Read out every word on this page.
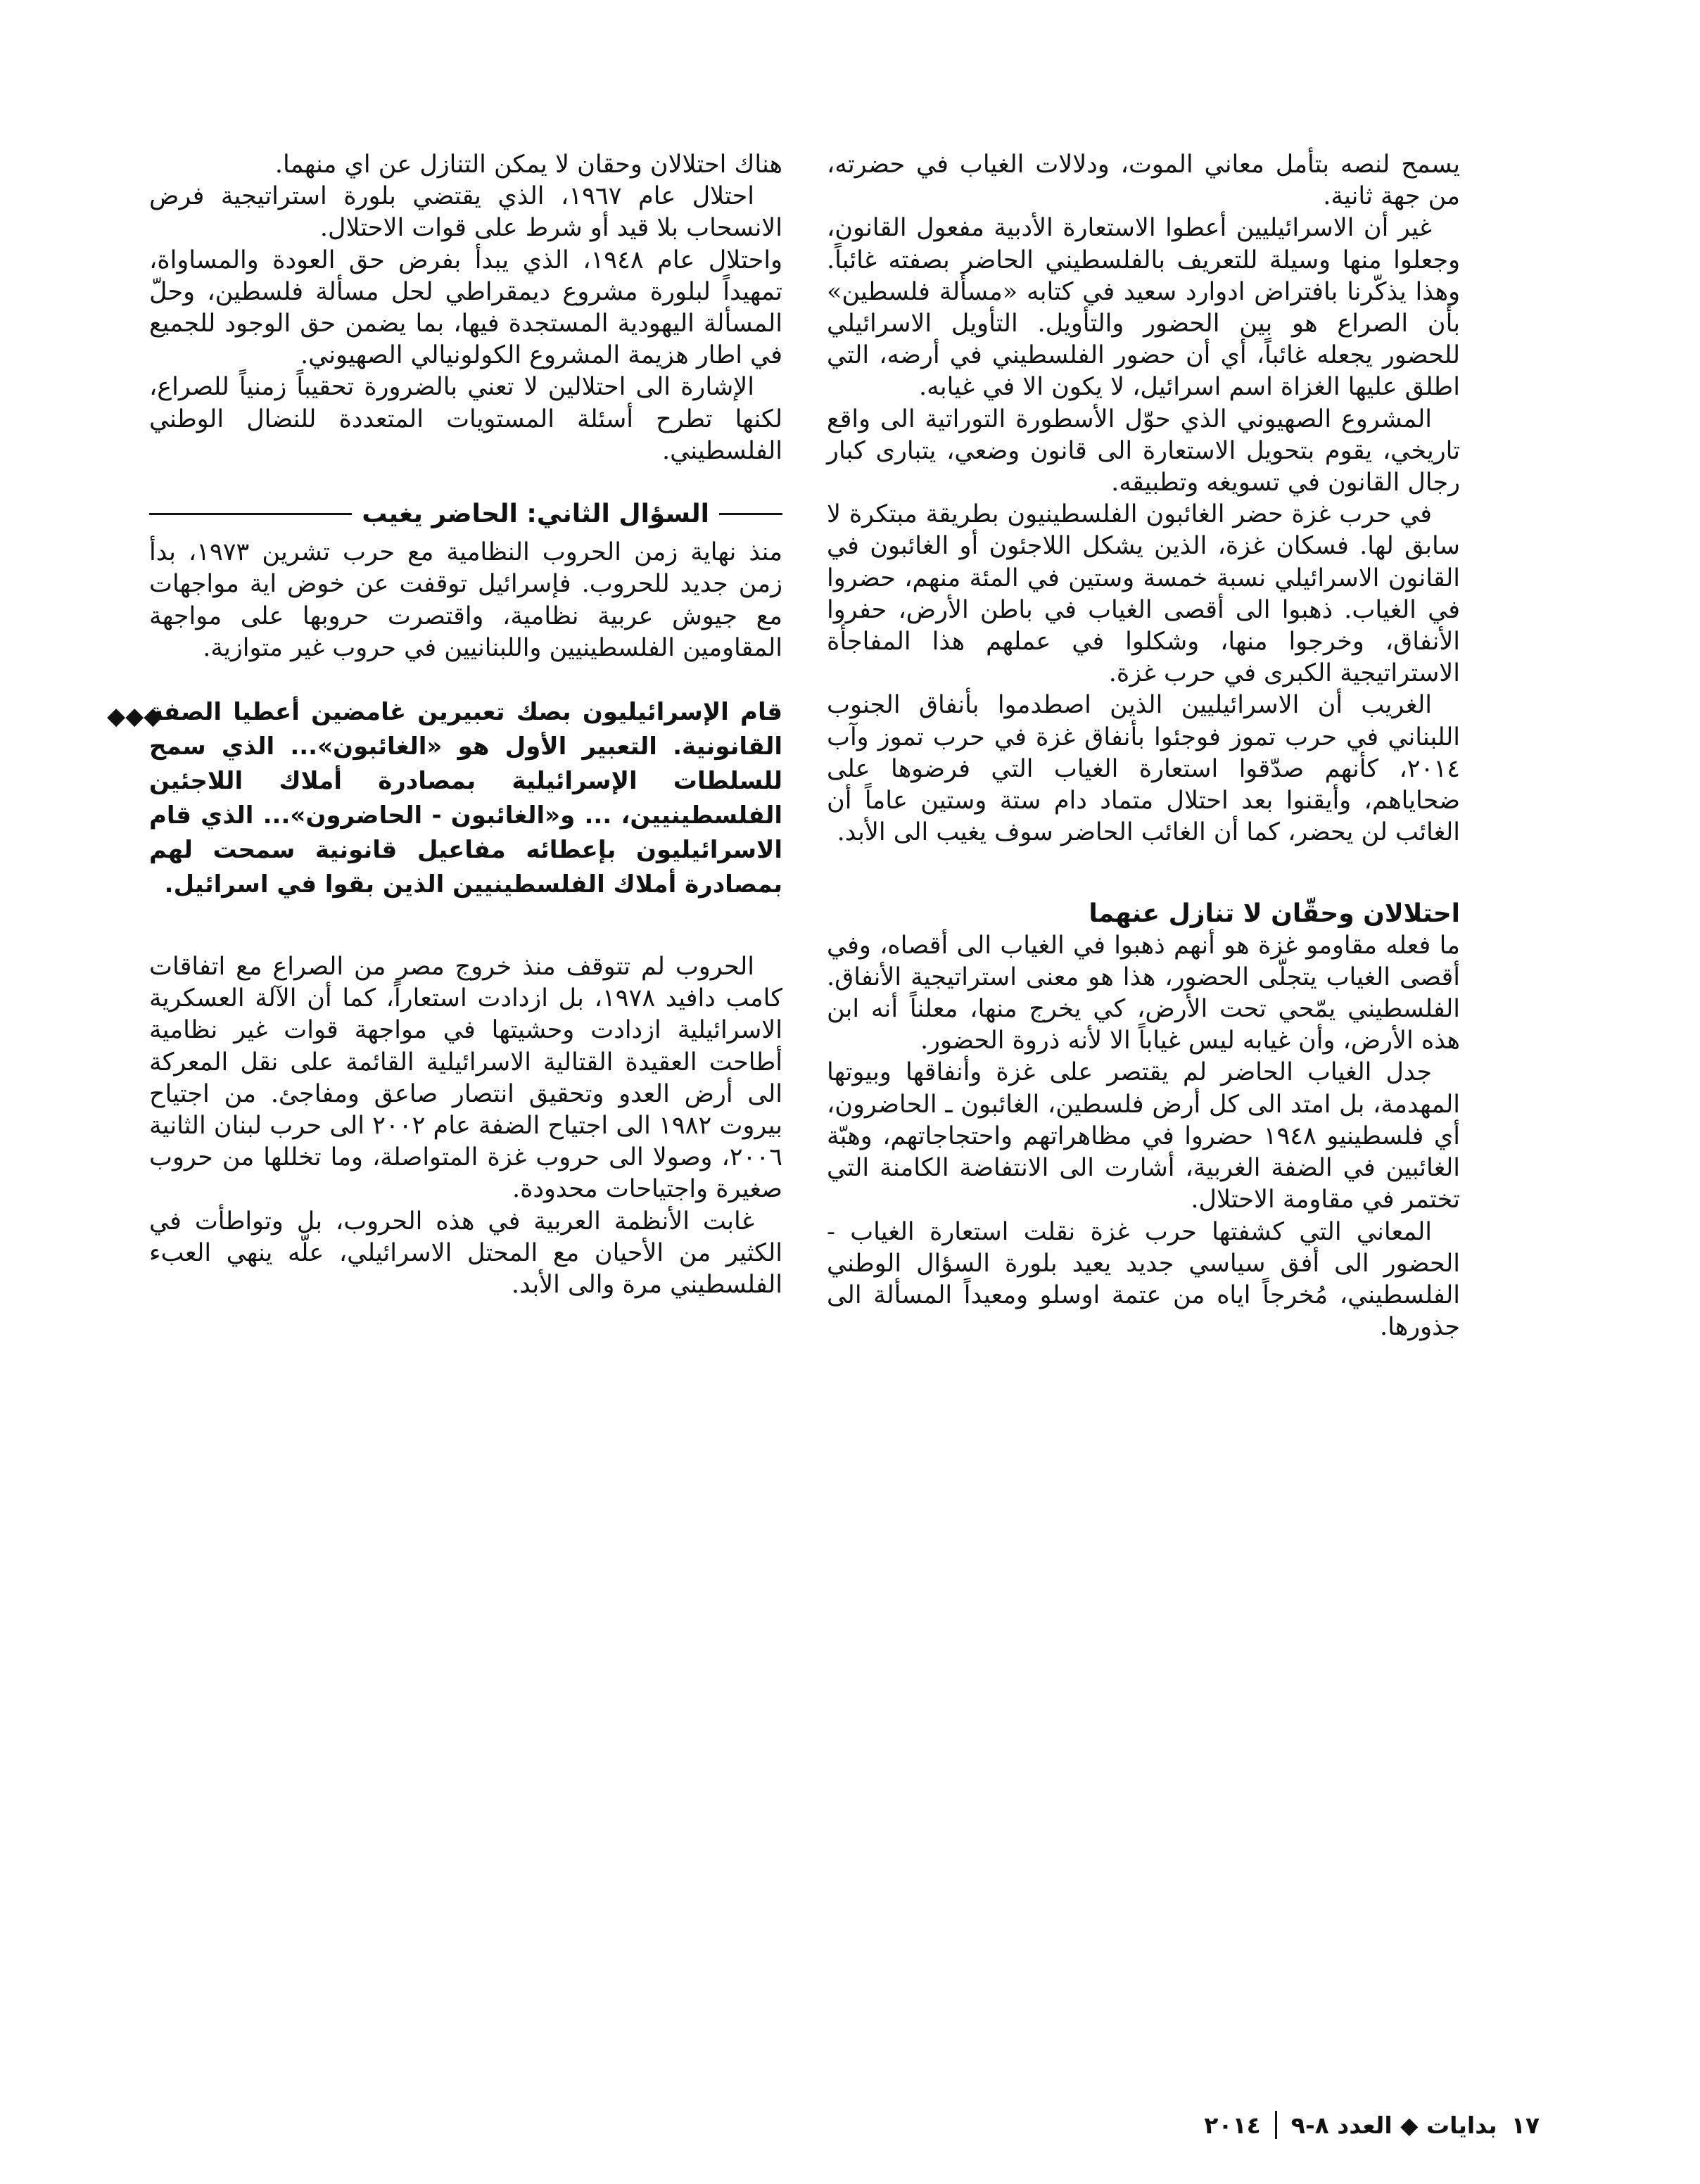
يسمح لنصه بتأمل معاني الموت، ودلالات الغياب في حضرته، من جهة ثانية.

غير أن الاسرائيليين أعطوا الاستعارة الأدبية مفعول القانون، وجعلوا منها وسيلة للتعريف بالفلسطيني الحاضر بصفته غائباً. وهذا يذكّرنا بافتراض ادوارد سعيد في كتابه «مسألة فلسطين» بأن الصراع هو بين الحضور والتأويل. التأويل الاسرائيلي للحضور يجعله غائباً، أي أن حضور الفلسطيني في أرضه، التي اطلق عليها الغزاة اسم اسرائيل، لا يكون الا في غيابه.

المشروع الصهيوني الذي حوّل الأسطورة التوراتية الى واقع تاريخي، يقوم بتحويل الاستعارة الى قانون وضعي، يتبارى كبار رجال القانون في تسويغه وتطبيقه.

في حرب غزة حضر الغائبون الفلسطينيون بطريقة مبتكرة لا سابق لها. فسكان غزة، الذين يشكل اللاجئون أو الغائبون في القانون الاسرائيلي نسبة خمسة وستين في المئة منهم، حضروا في الغياب. ذهبوا الى أقصى الغياب في باطن الأرض، حفروا الأنفاق، وخرجوا منها، وشكلوا في عملهم هذا المفاجأة الاستراتيجية الكبرى في حرب غزة.

الغريب أن الاسرائيليين الذين اصطدموا بأنفاق الجنوب اللبناني في حرب تموز فوجئوا بأنفاق غزة في حرب تموز وآب ٢٠١٤، كأنهم صدّقوا استعارة الغياب التي فرضوها على ضحاياهم، وأيقنوا بعد احتلال متماد دام ستة وستين عاماً أن الغائب لن يحضر، كما أن الغائب الحاضر سوف يغيب الى الأبد.

احتلالان وحقّان لا تنازل عنهما

ما فعله مقاومو غزة هو أنهم ذهبوا في الغياب الى أقصاه، وفي أقصى الغياب يتجلّى الحضور، هذا هو معنى استراتيجية الأنفاق. الفلسطيني يمّحي تحت الأرض، كي يخرج منها، معلناً أنه ابن هذه الأرض، وأن غيابه ليس غياباً الا لأنه ذروة الحضور.

جدل الغياب الحاضر لم يقتصر على غزة وأنفاقها وبيوتها المهدمة، بل امتد الى كل أرض فلسطين، الغائبون ـ الحاضرون، أي فلسطينيو ١٩٤٨ حضروا في مظاهراتهم واحتجاجاتهم، وهبّة الغائبين في الضفة الغربية، أشارت الى الانتفاضة الكامنة التي تختمر في مقاومة الاحتلال.

المعاني التي كشفتها حرب غزة نقلت استعارة الغياب - الحضور الى أفق سياسي جديد يعيد بلورة السؤال الوطني الفلسطيني، مُخرجاً اياه من عتمة اوسلو ومعيداً المسألة الى جذورها.

هناك احتلالان وحقان لا يمكن التنازل عن اي منهما.

احتلال عام ١٩٦٧، الذي يقتضي بلورة استراتيجية فرض الانسحاب بلا قيد أو شرط على قوات الاحتلال.

واحتلال عام ١٩٤٨، الذي يبدأ بفرض حق العودة والمساواة، تمهيداً لبلورة مشروع ديمقراطي لحل مسألة فلسطين، وحلّ المسألة اليهودية المستجدة فيها، بما يضمن حق الوجود للجميع في اطار هزيمة المشروع الكولونيالي الصهيوني.

الإشارة الى احتلالين لا تعني بالضرورة تحقيباً زمنياً للصراع، لكنها تطرح أسئلة المستويات المتعددة للنضال الوطني الفلسطيني.

السؤال الثاني: الحاضر يغيب

منذ نهاية زمن الحروب النظامية مع حرب تشرين ١٩٧٣، بدأ زمن جديد للحروب. فإسرائيل توقفت عن خوض اية مواجهات مع جيوش عربية نظامية، واقتصرت حروبها على مواجهة المقاومين الفلسطينيين واللبنانيين في حروب غير متوازية.

◆◆◆

قام الإسرائيليون بصك تعبيرين غامضين أعطيا الصفة القانونية. التعبير الأول هو «الغائبون»... الذي سمح للسلطات الإسرائيلية بمصادرة أملاك اللاجئين الفلسطينيين، ... و«الغائبون - الحاضرون»... الذي قام الاسرائيليون بإعطائه مفاعيل قانونية سمحت لهم بمصادرة أملاك الفلسطينيين الذين بقوا في اسرائيل.

الحروب لم تتوقف منذ خروج مصر من الصراع مع اتفاقات كامب دافيد ١٩٧٨، بل ازدادت استعاراً، كما أن الآلة العسكرية الاسرائيلية ازدادت وحشيتها في مواجهة قوات غير نظامية أطاحت العقيدة القتالية الاسرائيلية القائمة على نقل المعركة الى أرض العدو وتحقيق انتصار صاعق ومفاجئ. من اجتياح بيروت ١٩٨٢ الى اجتياح الضفة عام ٢٠٠٢ الى حرب لبنان الثانية ٢٠٠٦، وصولا الى حروب غزة المتواصلة، وما تخللها من حروب صغيرة واجتياحات محدودة.

غابت الأنظمة العربية في هذه الحروب، بل وتواطأت في الكثير من الأحيان مع المحتل الاسرائيلي، علّه ينهي العبء الفلسطيني مرة والى الأبد.

١٧
بدايات ◆ العدد ٨-٩
٢٠١٤
